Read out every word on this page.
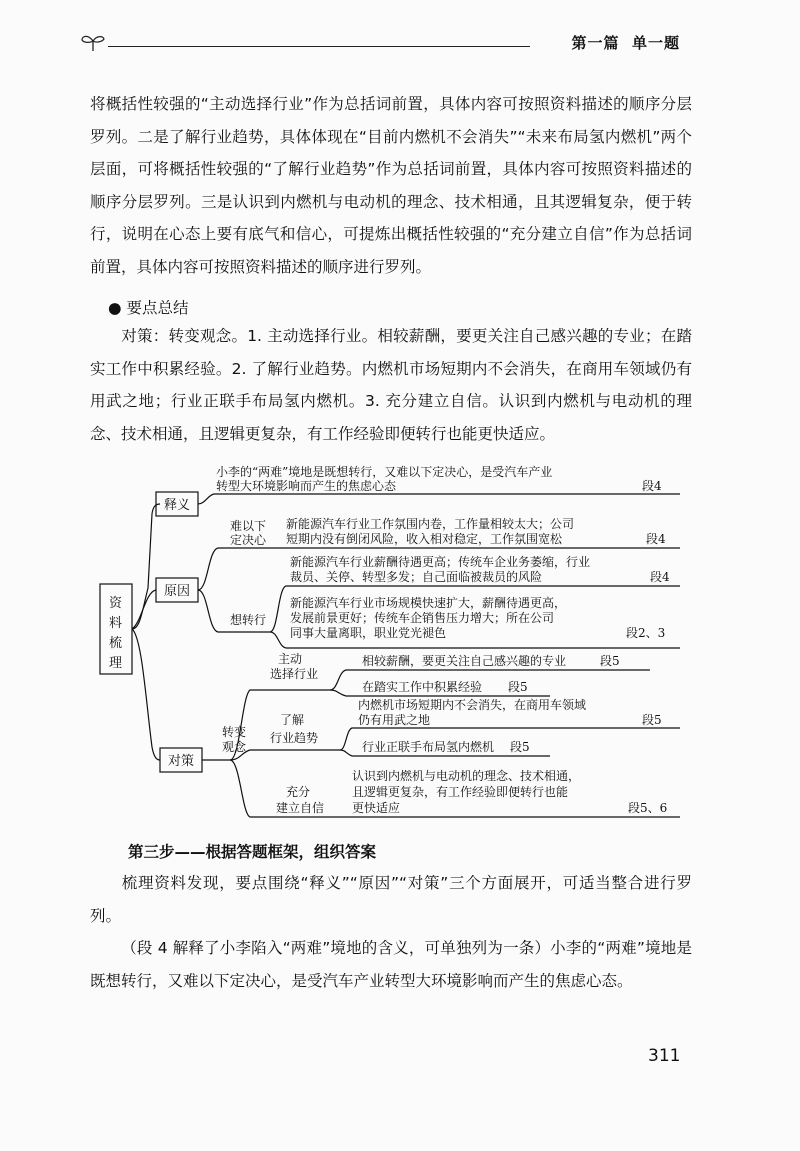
第一篇 单一题
将概括性较强的“主动选择行业”作为总括词前置，具体内容可按照资料描述的顺序分层罗列。二是了解行业趋势，具体体现在“目前内燃机不会消失”“未来布局氢内燃机”两个层面，可将概括性较强的“了解行业趋势”作为总括词前置，具体内容可按照资料描述的顺序分层罗列。三是认识到内燃机与电动机的理念、技术相通，且其逻辑复杂，便于转行，说明在心态上要有底气和信心，可提炼出概括性较强的“充分建立自信”作为总括词前置，具体内容可按照资料描述的顺序进行罗列。
● 要点总结
对策：转变观念。1. 主动选择行业。相较薪酬，要更关注自己感兴趣的专业；在踏实工作中积累经验。2. 了解行业趋势。内燃机市场短期内不会消失，在商用车领域仍有用武之地；行业正联手布局氢内燃机。3. 充分建立自信。认识到内燃机与电动机的理念、技术相通，且逻辑更复杂，有工作经验即便转行也能更快适应。
资
料
梳
理
释义
小李的“两难”境地是既想转行，又难以下定决心，是受汽车产业
转型大环境影响而产生的焦虑心态	段4
原因
难以下
定决心
新能源汽车行业工作氛围内卷，工作量相较太大；公司
短期内没有倒闭风险，收入相对稳定，工作氛围宽松	段4
想转行
新能源汽车行业薪酬待遇更高；传统车企业务萎缩，行业
裁员、关停、转型多发；自己面临被裁员的风险	段4
新能源汽车行业市场规模快速扩大，薪酬待遇更高，
发展前景更好；传统车企销售压力增大；所在公司
同事大量离职，职业党光褪色	段2、3
对策
转变
观念
主动
选择行业
相较薪酬，要更关注自己感兴趣的专业	段5
在踏实工作中积累经验 段5
了解
行业趋势
内燃机市场短期内不会消失，在商用车领域
仍有用武之地	段5
行业正联手布局氢内燃机 段5
充分
建立自信
认识到内燃机与电动机的理念、技术相通，
且逻辑更复杂，有工作经验即便转行也能
更快适应	段5、6
第三步——根据答题框架，组织答案
梳理资料发现，要点围绕“释义”“原因”“对策”三个方面展开，可适当整合进行罗列。
（段 4 解释了小李陷入“两难”境地的含义，可单独列为一条）小李的“两难”境地是既想转行，又难以下定决心，是受汽车产业转型大环境影响而产生的焦虑心态。
311
